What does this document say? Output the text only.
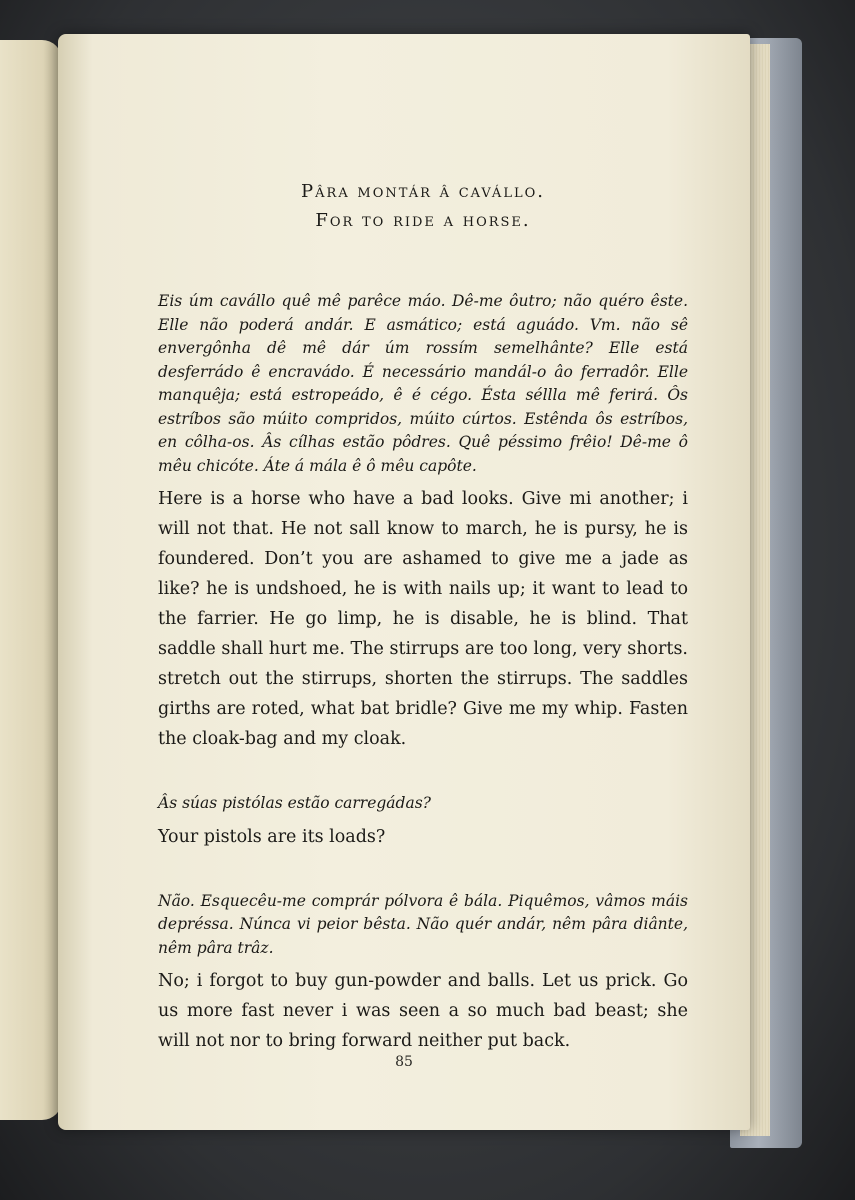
Pâra montár â cavállo.

For to ride a horse.

Eis úm cavállo quê mê parêce máo. Dê-me ôutro; não quéro êste. Elle não poderá andár. E asmático; está aguádo. Vm. não sê envergônha dê mê dár úm rossím semelhânte? Elle está desferrádo ê encravádo. É necessário mandál-o âo ferradôr. Elle manquêja; está estropeádo, ê é cégo. Ésta séllla mê ferirá. Ôs estríbos são múito compridos, múito cúrtos. Estênda ôs estríbos, en côlha-os. Âs cílhas estão pôdres. Quê péssimo frêio! Dê-me ô mêu chicóte. Áte á mála ê ô mêu capôte.

Here is a horse who have a bad looks. Give mi another; i will not that. He not sall know to march, he is pursy, he is foundered. Don’t you are ashamed to give me a jade as like? he is undshoed, he is with nails up; it want to lead to the farrier. He go limp, he is disable, he is blind. That saddle shall hurt me. The stirrups are too long, very shorts. stretch out the stirrups, shorten the stirrups. The saddles girths are roted, what bat bridle? Give me my whip. Fasten the cloak-bag and my cloak.

Âs súas pistólas estão carregádas?

Your pistols are its loads?

Não. Esquecêu-me comprár pólvora ê bála. Piquêmos, vâmos máis depréssa. Núnca vi peior bêsta. Não quér andár, nêm pâra diânte, nêm pâra trâz.

No; i forgot to buy gun-powder and balls. Let us prick. Go us more fast never i was seen a so much bad beast; she will not nor to bring forward neither put back.

85
